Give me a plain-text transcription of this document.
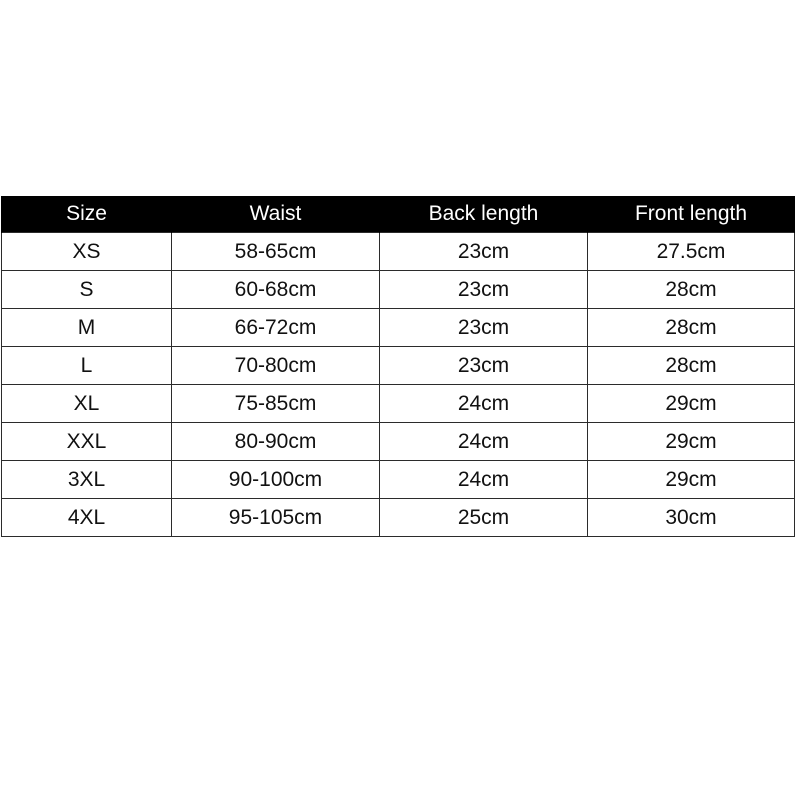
Size	Waist	Back length	Front length
XS	58-65cm	23cm	27.5cm
S	60-68cm	23cm	28cm
M	66-72cm	23cm	28cm
L	70-80cm	23cm	28cm
XL	75-85cm	24cm	29cm
XXL	80-90cm	24cm	29cm
3XL	90-100cm	24cm	29cm
4XL	95-105cm	25cm	30cm
